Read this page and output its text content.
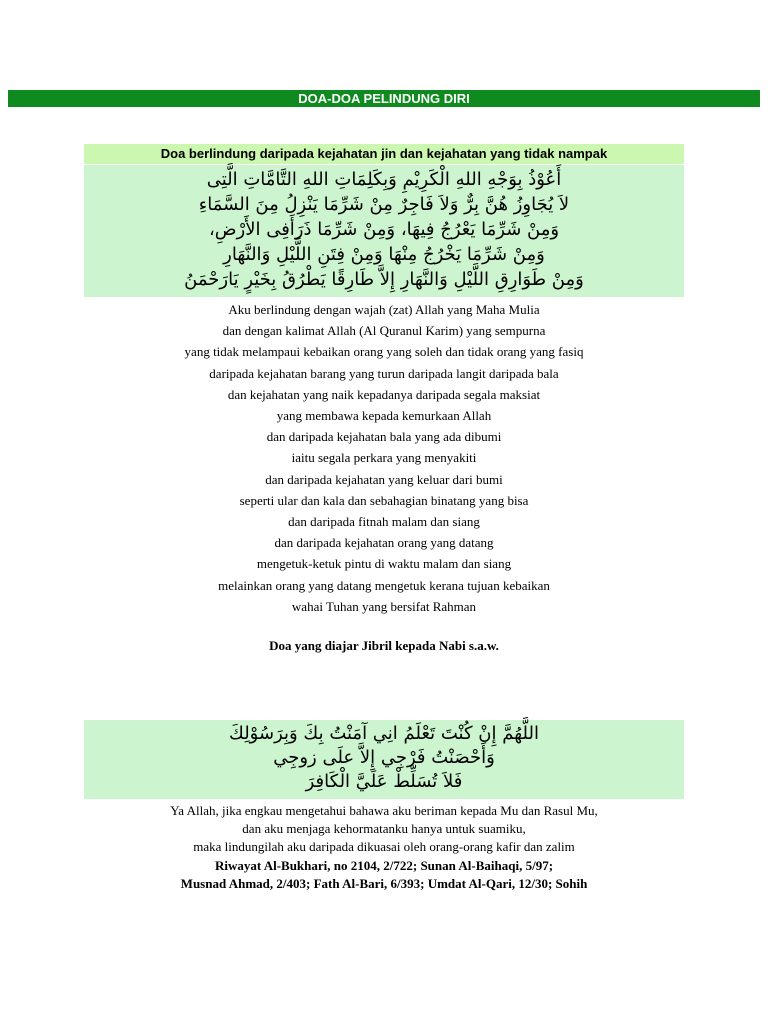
DOA-DOA PELINDUNG DIRI
Doa berlindung daripada kejahatan jin dan kejahatan yang tidak nampak
أَعُوْذُ بِوَجْهِ اللهِ الْكَرِيْمِ وَبِكَلِمَاتِ اللهِ التَّامَّاتِ الَّتِى
لاَ يُجَاوِزُ هُنَّ بِرٌّ وَلاَ فَاجِرٌ مِنْ شَرِّمَا يَنْزِلُ مِنَ السَّمَاءِ
وَمِنْ شَرِّمَا يَعْرُجُ فِيهَا، وَمِنْ شَرِّمَا ذَرَأَفِى الأَرْضِ،
وَمِنْ شَرِّمَا يَخْرُجُ مِنْهَا وَمِنْ فِتَنِ اللَّيْلِ وَالنَّهَارِ
وَمِنْ طَوَارِقِ اللَّيْلِ وَالنَّهَارِ إِلاَّ طَارِقًا يَطْرُقُ بِخَيْرٍ يَارَحْمَنُ
Aku berlindung dengan wajah (zat) Allah yang Maha Mulia
dan dengan kalimat Allah (Al Quranul Karim) yang sempurna
yang tidak melampaui kebaikan orang yang soleh dan tidak orang yang fasiq
daripada kejahatan barang yang turun daripada langit daripada bala
dan kejahatan yang naik kepadanya daripada segala maksiat
yang membawa kepada kemurkaan Allah
dan daripada kejahatan bala yang ada dibumi
iaitu segala perkara yang menyakiti
dan daripada kejahatan yang keluar dari bumi
seperti ular dan kala dan sebahagian binatang yang bisa
dan daripada fitnah malam dan siang
dan daripada kejahatan orang yang datang
mengetuk-ketuk pintu di waktu malam dan siang
melainkan orang yang datang mengetuk kerana tujuan kebaikan
wahai Tuhan yang bersifat Rahman
Doa yang diajar Jibril kepada Nabi s.a.w.
اللَّهُمَّ إِنْ كُنْتَ تَعْلَمُ انِي آمَنْتُ بِكَ وَبِرَسُوْلِكَ
وَأَحْصَنْتُ فَرْجِي إِلاَّ علَى زوجِي
فَلاَ تُسَلِّطْ عَلَيَّ الْكَافِرَ
Ya Allah, jika engkau mengetahui bahawa aku beriman kepada Mu dan Rasul Mu,
dan aku menjaga kehormatanku hanya untuk suamiku,
maka lindungilah aku daripada dikuasai oleh orang-orang kafir dan zalim
Riwayat Al-Bukhari, no 2104, 2/722; Sunan Al-Baihaqi, 5/97;
Musnad Ahmad, 2/403; Fath Al-Bari, 6/393; Umdat Al-Qari, 12/30; Sohih
